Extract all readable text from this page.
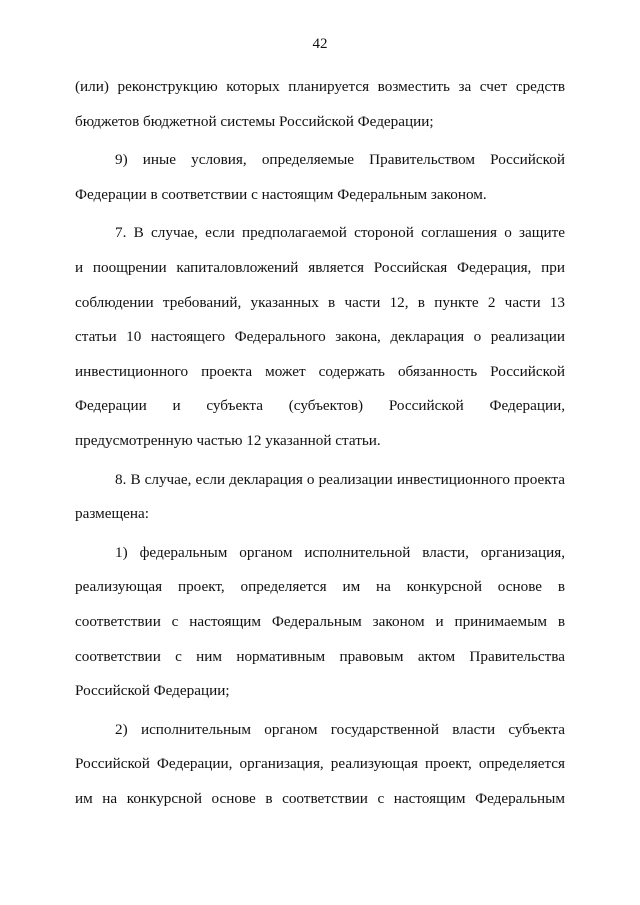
42
(или) реконструкцию которых планируется возместить за счет средств
бюджетов бюджетной системы Российской Федерации;
9) иные условия, определяемые Правительством Российской
Федерации в соответствии с настоящим Федеральным законом.
7. В случае, если предполагаемой стороной соглашения о защите
и поощрении капиталовложений является Российская Федерация, при
соблюдении требований, указанных в части 12, в пункте 2 части 13
статьи 10 настоящего Федерального закона, декларация о реализации
инвестиционного проекта может содержать обязанность Российской
Федерации и субъекта (субъектов) Российской Федерации,
предусмотренную частью 12 указанной статьи.
8. В случае, если декларация о реализации инвестиционного проекта
размещена:
1) федеральным органом исполнительной власти, организация,
реализующая проект, определяется им на конкурсной основе в
соответствии с настоящим Федеральным законом и принимаемым в
соответствии с ним нормативным правовым актом Правительства
Российской Федерации;
2) исполнительным органом государственной власти субъекта
Российской Федерации, организация, реализующая проект, определяется
им на конкурсной основе в соответствии с настоящим Федеральным
